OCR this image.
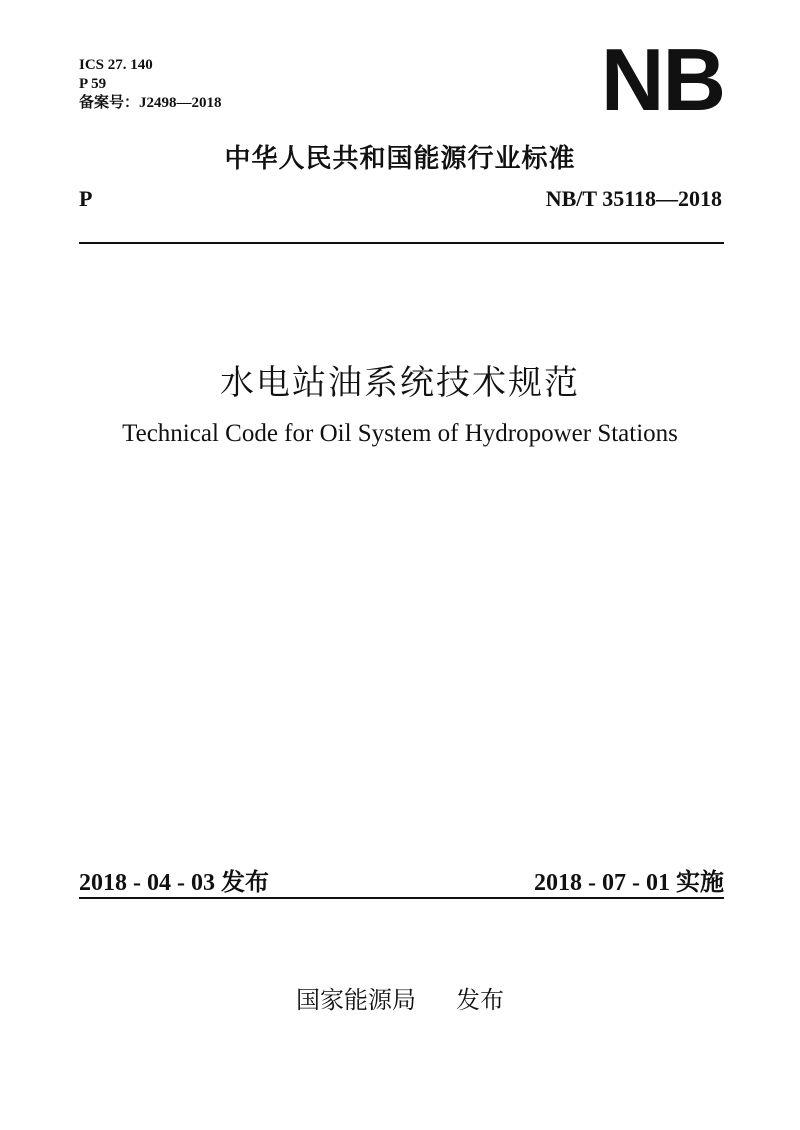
ICS 27. 140
P 59
备案号：J2498—2018	NB
中华人民共和国能源行业标准
P	NB/T 35118—2018
水电站油系统技术规范
Technical Code for Oil System of Hydropower Stations
2018 - 04 - 03 发布	2018 - 07 - 01 实施
国家能源局 发布
